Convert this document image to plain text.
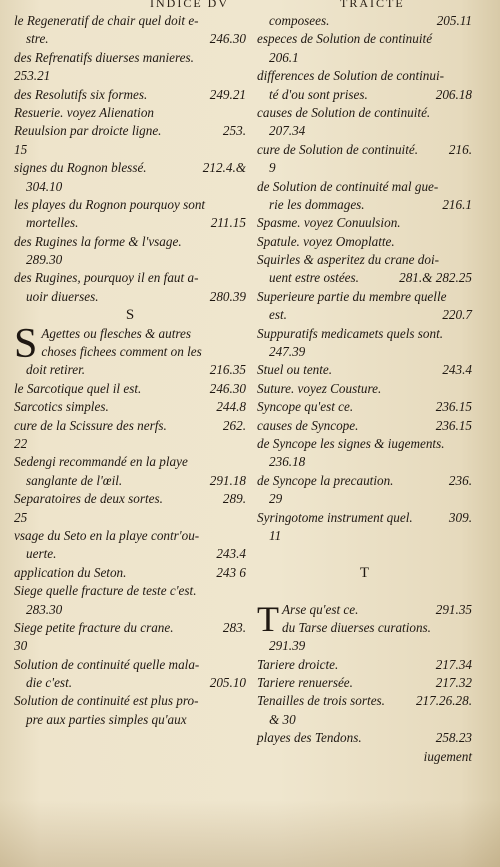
INDICE DV	TRAICTE
le Regeneratif de chair quel doit e-
stre.	246.30
des Refrenatifs diuerses manieres.
253.21
des Resolutifs six formes.	249.21
Resuerie. voyez Alienation
Reuulsion par droicte ligne.	253.
15
signes du Rognon blessé.	212.4.&
304.10
les playes du Rognon pourquoy sont
mortelles.	211.15
des Rugines la forme & l'vsage.
289.30
des Rugines, pourquoy il en faut a-
uoir diuerses.	280.39
S
S Agettes ou flesches & autres
choses fichees comment on les
doit retirer.	216.35
le Sarcotique quel il est.	246.30
Sarcotics simples.	244.8
cure de la Scissure des nerfs.	262.
22
Sedengi recommandé en la playe
sanglante de l'œil.	291.18
Separatoires de deux sortes.	289.
25
vsage du Seto en la playe contr'ou-
uerte.	243.4
application du Seton.	243 6
Siege quelle fracture de teste c'est.
283.30
Siege petite fracture du crane.	283.
30
Solution de continuité quelle mala-
die c'est.	205.10
Solution de continuité est plus pro-
pre aux parties simples qu'aux
composees.	205.11
especes de Solution de continuité
206.1
differences de Solution de continui-
té d'ou sont prises.	206.18
causes de Solution de continuité.
207.34
cure de Solution de continuité. 216.
9
de Solution de continuité mal gue-
rie les dommages.	216.1
Spasme. voyez Conuulsion.
Spatule. voyez Omoplatte.
Squirles & asperitez du crane doi-
uent estre ostées.	281.& 282.25
Superieure partie du membre quelle
est.	220.7
Suppuratifs medicamets quels sont.
247.39
Stuel ou tente.	243.4
Suture. voyez Cousture.
Syncope qu'est ce.	236.15
causes de Syncope.	236.15
de Syncope les signes & iugements.
236.18
de Syncope la precaution.	236.
29
Syringotome instrument quel.	309.
11
T
T Arse qu'est ce.	291.35
du Tarse diuerses curations.
291.39
Tariere droicte.	217.34
Tariere renuersée.	217.32
Tenailles de trois sortes. 217.26.28.
& 30
playes des Tendons.	258.23
iugement
